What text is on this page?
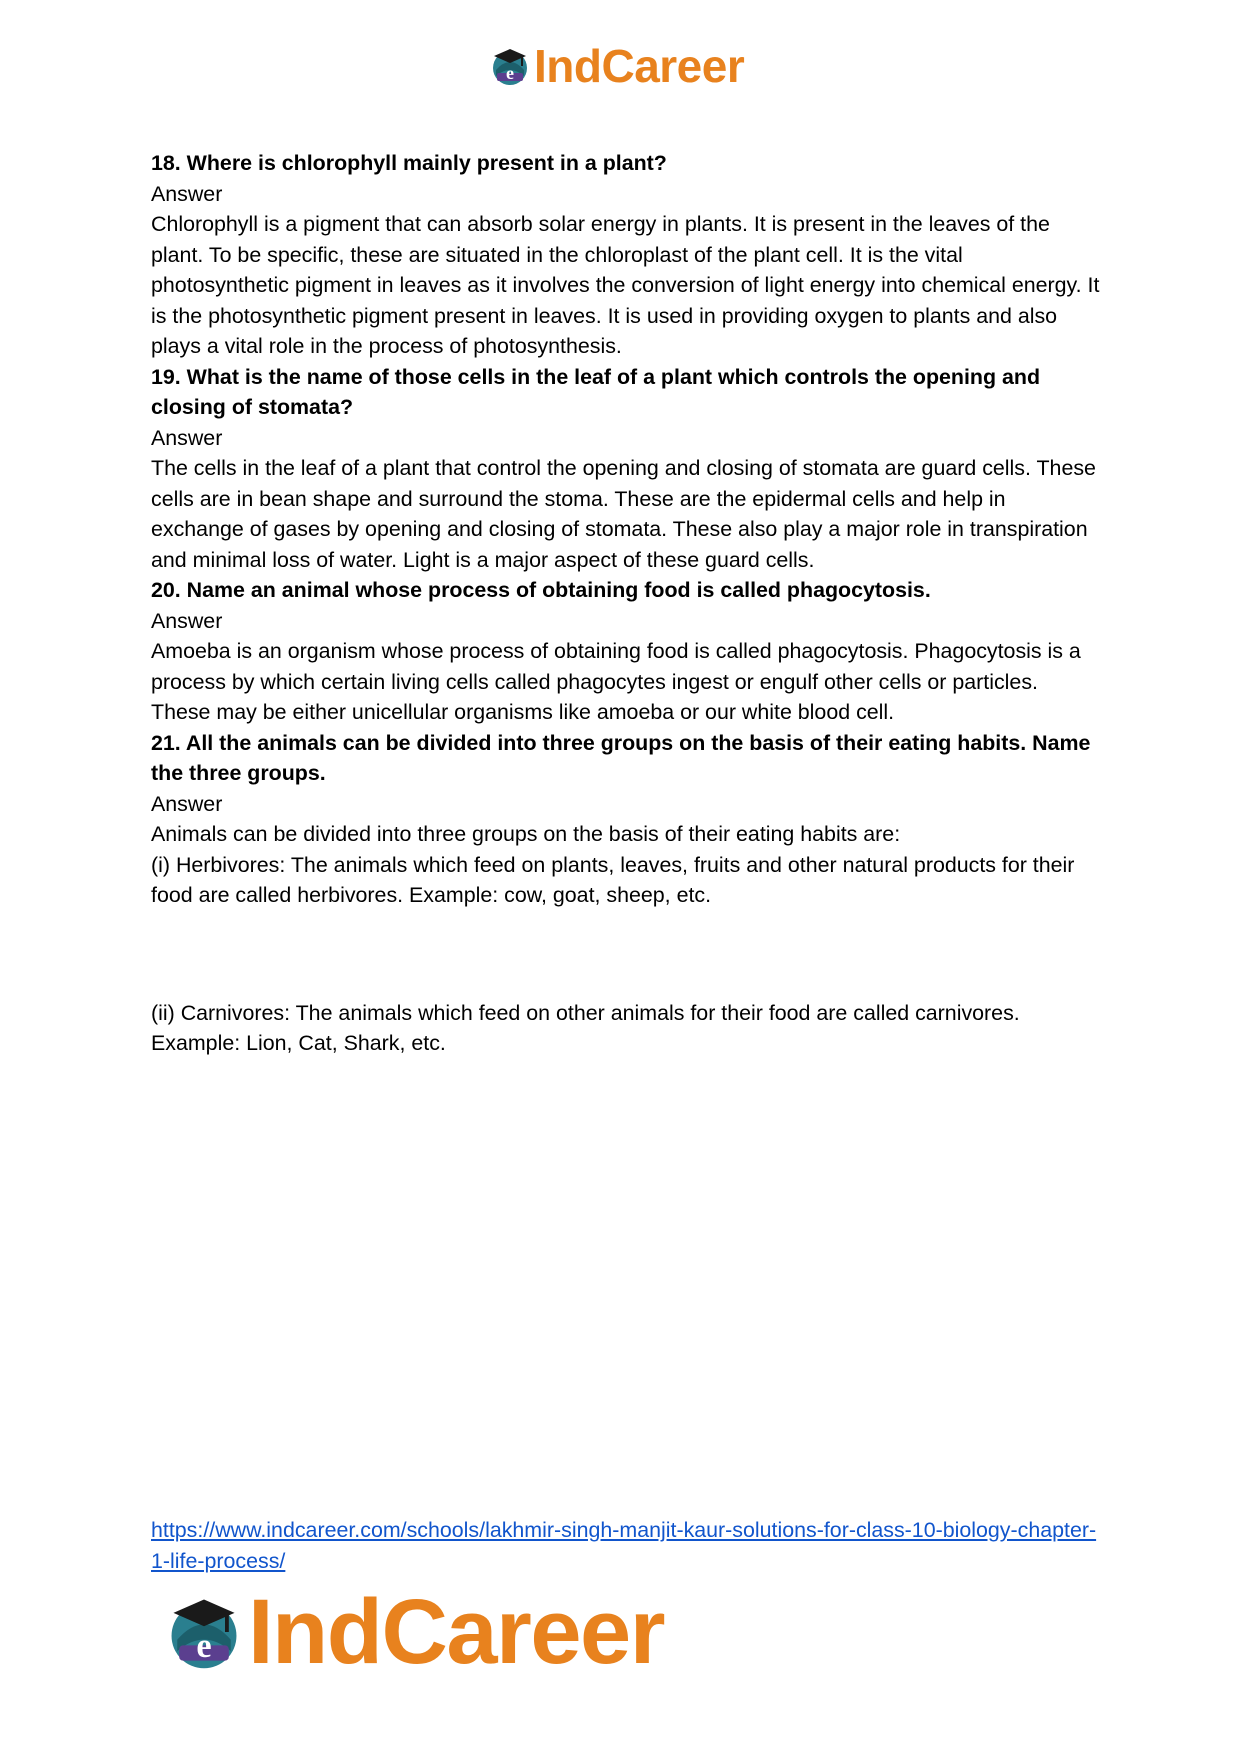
e IndCareer

18. Where is chlorophyll mainly present in a plant?

Answer

Chlorophyll is a pigment that can absorb solar energy in plants. It is present in the leaves of the plant. To be specific, these are situated in the chloroplast of the plant cell. It is the vital photosynthetic pigment in leaves as it involves the conversion of light energy into chemical energy. It is the photosynthetic pigment present in leaves. It is used in providing oxygen to plants and also plays a vital role in the process of photosynthesis.

19. What is the name of those cells in the leaf of a plant which controls the opening and closing of stomata?

Answer

The cells in the leaf of a plant that control the opening and closing of stomata are guard cells. These cells are in bean shape and surround the stoma. These are the epidermal cells and help in exchange of gases by opening and closing of stomata. These also play a major role in transpiration and minimal loss of water. Light is a major aspect of these guard cells.

20. Name an animal whose process of obtaining food is called phagocytosis.

Answer

Amoeba is an organism whose process of obtaining food is called phagocytosis. Phagocytosis is a process by which certain living cells called phagocytes ingest or engulf other cells or particles. These may be either unicellular organisms like amoeba or our white blood cell.

21. All the animals can be divided into three groups on the basis of their eating habits. Name the three groups.

Answer

Animals can be divided into three groups on the basis of their eating habits are:

(i) Herbivores: The animals which feed on plants, leaves, fruits and other natural products for their food are called herbivores. Example: cow, goat, sheep, etc.

(ii) Carnivores: The animals which feed on other animals for their food are called carnivores. Example: Lion, Cat, Shark, etc.

https://www.indcareer.com/schools/lakhmir-singh-manjit-kaur-solutions-for-class-10-biology-chapter-1-life-process/
e IndCareer
